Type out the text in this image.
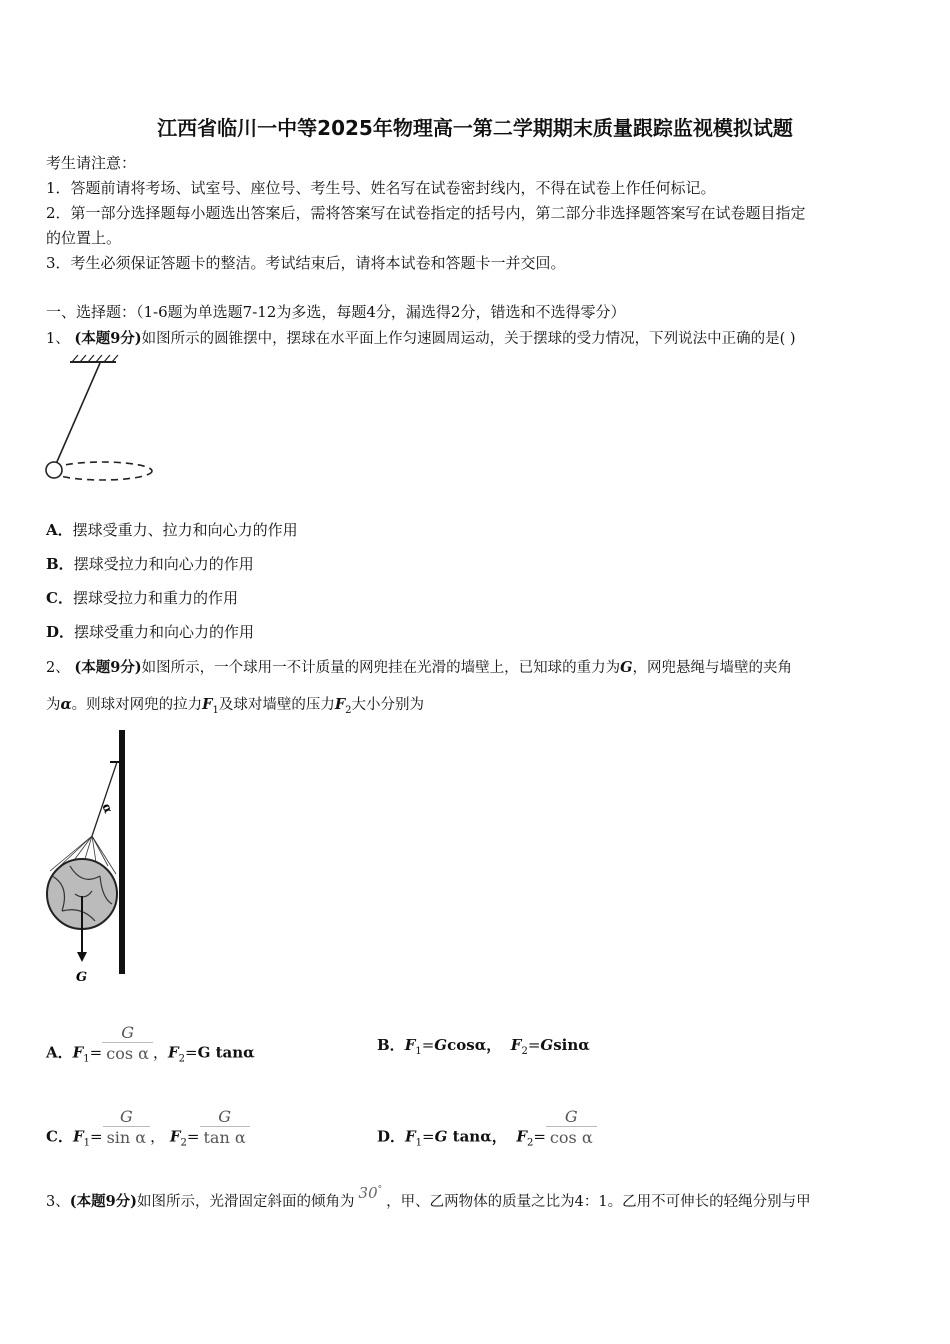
江西省临川一中等2025年物理高一第二学期期末质量跟踪监视模拟试题
考生请注意：
1．答题前请将考场、试室号、座位号、考生号、姓名写在试卷密封线内，不得在试卷上作任何标记。
2．第一部分选择题每小题选出答案后，需将答案写在试卷指定的括号内，第二部分非选择题答案写在试卷题目指定
的位置上。
3．考生必须保证答题卡的整洁。考试结束后，请将本试卷和答题卡一并交回。
一、选择题：（1-6题为单选题7-12为多选，每题4分，漏选得2分，错选和不选得零分）
1、 (本题9分)如图所示的圆锥摆中，摆球在水平面上作匀速圆周运动，关于摆球的受力情况，下列说法中正确的是( )
A．摆球受重力、拉力和向心力的作用
B．摆球受拉力和向心力的作用
C．摆球受拉力和重力的作用
D．摆球受重力和向心力的作用
2、 (本题9分)如图所示，一个球用一不计质量的网兜挂在光滑的墙壁上，已知球的重力为G，网兜悬绳与墙壁的夹角
为α。则球对网兜的拉力$F_1$及球对墙壁的压力$F_2$大小分别为
α
G
A．$F_1= \frac{G}{\text{cos α}}$ ，$F_2=G$ tanα	B．$F_1=Gcos\alpha$， $F_2=Gsin\alpha$
C．$F_1= \frac{G}{\text{sin α}}$ ， $F_2= \frac{G}{\text{tan α}}$	D．$F_1=G$ tanα， $F_2= \frac{G}{\text{cos α}}$
3、(本题9分)如图所示，光滑固定斜面的倾角为 30°，甲、乙两物体的质量之比为4：1。乙用不可伸长的轻绳分别与甲
